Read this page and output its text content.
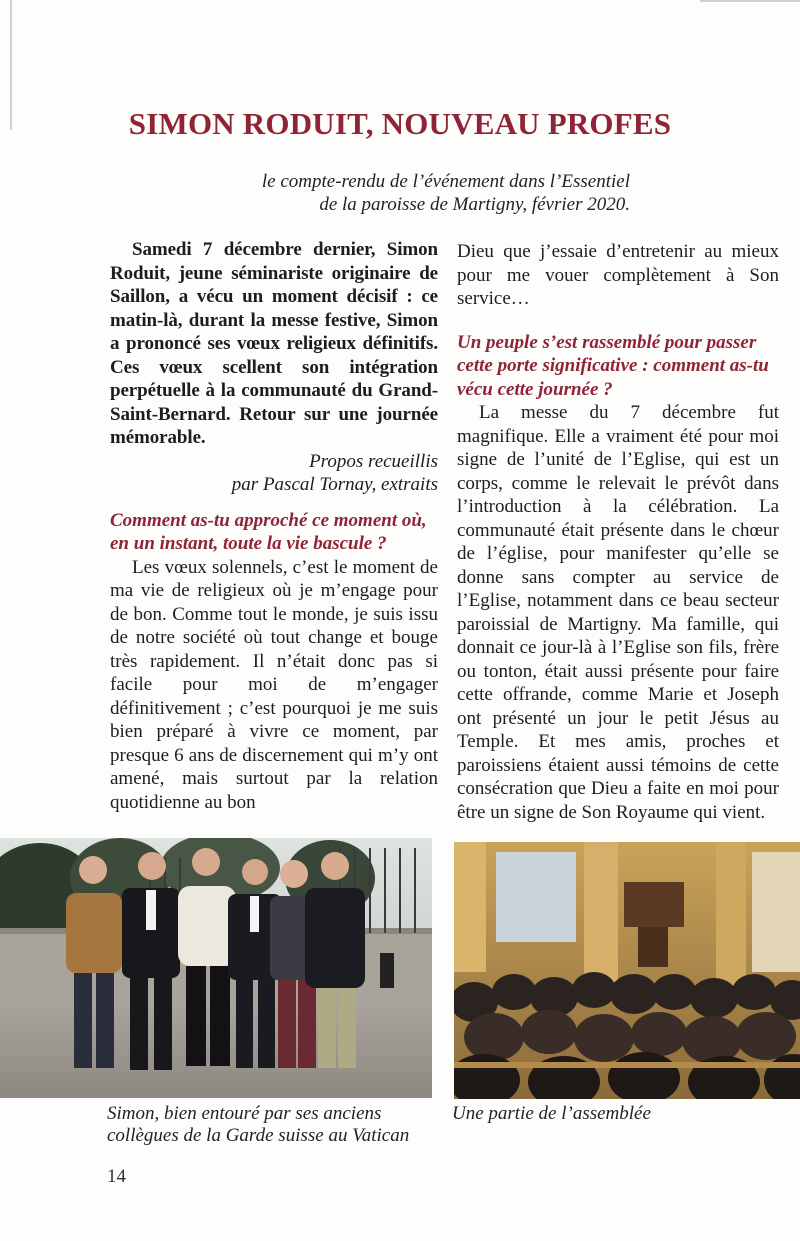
SIMON RODUIT, NOUVEAU PROFES
le compte-rendu de l’événement dans l’Essentiel
de la paroisse de Martigny, février 2020.

Samedi 7 décembre dernier, Simon Roduit, jeune séminariste originaire de Saillon, a vécu un moment décisif : ce matin-là, durant la messe festive, Simon a prononcé ses vœux religieux définitifs. Ces vœux scellent son intégration perpétuelle à la communauté du Grand-Saint-Bernard. Retour sur une journée mémorable.

Propos recueillis
par Pascal Tornay, extraits

Comment as-tu approché ce moment où, en un instant, toute la vie bascule ?

Les vœux solennels, c’est le moment de ma vie de religieux où je m’engage pour de bon. Comme tout le monde, je suis issu de notre société où tout change et bouge très rapidement. Il n’était donc pas si facile pour moi de m’engager définitivement ; c’est pourquoi je me suis bien préparé à vivre ce moment, par presque 6 ans de discernement qui m’y ont amené, mais surtout par la relation quotidienne au bon

Dieu que j’essaie d’entretenir au mieux pour me vouer complètement à Son service…

Un peuple s’est rassemblé pour passer cette porte significative : comment as-tu vécu cette journée ?

La messe du 7 décembre fut magnifique. Elle a vraiment été pour moi signe de l’unité de l’Eglise, qui est un corps, comme le relevait le prévôt dans l’introduction à la célébration. La communauté était présente dans le chœur de l’église, pour manifester qu’elle se donne sans compter au service de l’Eglise, notamment dans ce beau secteur paroissial de Martigny. Ma famille, qui donnait ce jour-là à l’Eglise son fils, frère ou tonton, était aussi présente pour faire cette offrande, comme Marie et Joseph ont présenté un jour le petit Jésus au Temple. Et mes amis, proches et paroissiens étaient aussi témoins de cette consécration que Dieu a faite en moi pour être un signe de Son Royaume qui vient.

Simon, bien entouré par ses anciens
collègues de la Garde suisse au Vatican
Une partie de l’assemblée
14
